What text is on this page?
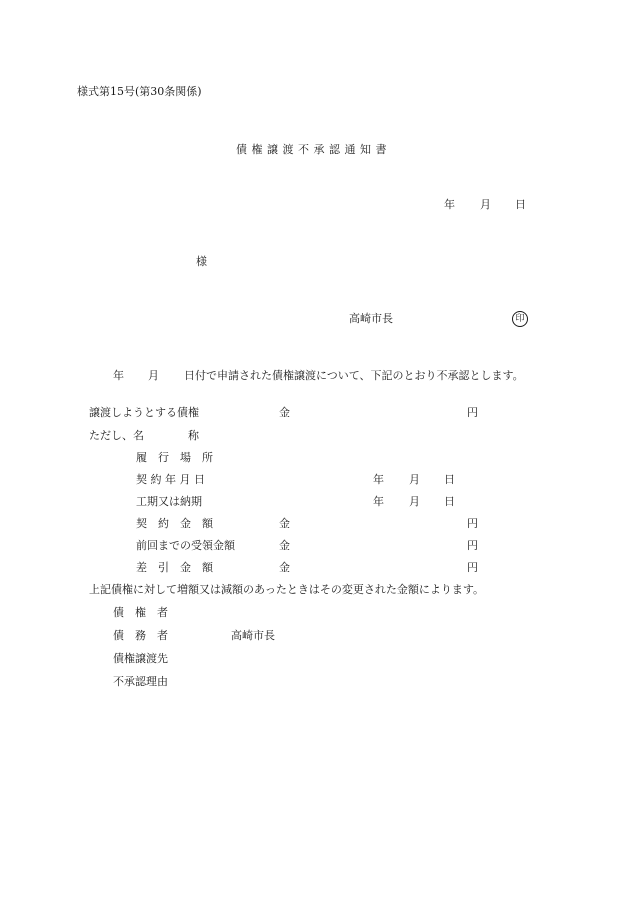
様式第15号(第30条関係)
債 権 譲 渡 不 承 認 通 知 書
年 月 日
様
高崎市長	印
年 月 日付で申請された債権譲渡について、下記のとおり不承認とします。
譲渡しようとする債権	金	円
ただし、名　　　　称
履　行　場　所
契 約 年 月 日	年 月 日
工期又は納期	年 月 日
契　約　金　額	金	円
前回までの受領金額	金	円
差　引　金　額	金	円
上記債権に対して増額又は減額のあったときはその変更された金額によります。
債　権　者
債　務　者	高崎市長
債権譲渡先
不承認理由
